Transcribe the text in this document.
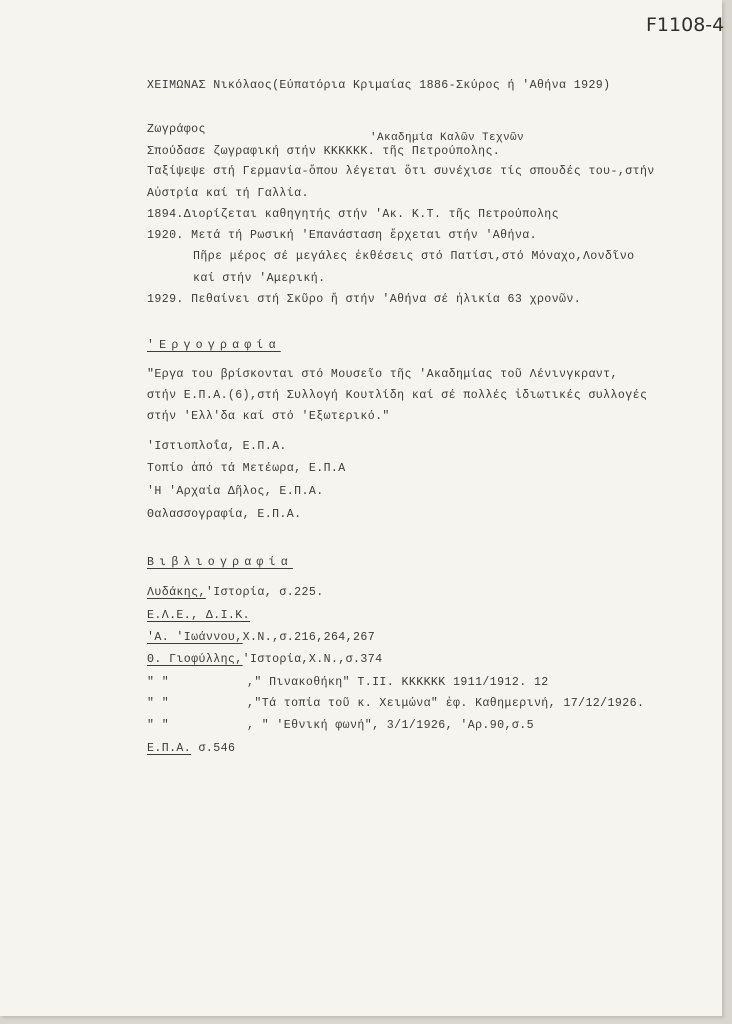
F1108-4
ΧΕΙΜΩΝΑΣ Νικόλαος(Εύπατόρια Κριμαίας 1886-Σκύρος ή 'Αθήνα 1929)
Ζωγράφος
'Ακαδημία Καλῶν Τεχνῶν
Σπούδασε ζωγραφική στήν ΚΚΚΚΚΚ. τῆς Πετρούπολης.
Ταξίψεψε στή Γερμανία-ὅπου λέγεται ὅτι συνέχισε τίς σπουδές του-,στήν
Αὐστρία καί τή Γαλλία.
1894.Διορίζεται καθηγητής στήν 'Ακ. Κ.Τ. τῆς Πετρούπολης
1920. Μετά τή Ρωσική 'Επανάσταση ἔρχεται στήν 'Αθήνα.
Πῆρε μέρος σέ μεγάλες ἐκθέσεις στό Πατίσι,στό Μόναχο,Λονδῖνο
καί στήν 'Αμερική.
1929. Πεθαίνει στή Σκῦρο ἤ στήν 'Αθήνα σέ ἡλικία 63 χρονῶν.
'Εργογραφία
"Εργα του βρίσκονται στό Μουσεῖο τῆς 'Ακαδημίας τοῦ Λένινγκραντ,
στήν Ε.Π.Α.(6),στή Συλλογή Κουτλίδη καί σέ πολλές ἰδιωτικές συλλογές
στήν 'Ελλ'δα καί στό 'Εξωτερικό."
'Ιστιοπλοΐα, Ε.Π.Α.
Τοπίο ἀπό τά Μετέωρα, Ε.Π.Α
'Η 'Αρχαία Δῆλος, Ε.Π.Α.
Θαλασσογραφία, Ε.Π.Α.
Βιβλιογραφία
Λυδάκης,'Ιστορία, σ.225.
Ε.Λ.Ε., Δ.Ι.Κ.
'Α. 'Ιωάννου,Χ.Ν.,σ.216,264,267
Θ. Γιοφύλλης,'Ιστορία,Χ.Ν.,σ.374
" "	," Πινακοθήκη" Τ.ΙΙ. ΚΚΚΚΚΚ 1911/1912. 12
" "	,"Τά τοπία τοῦ κ. Χειμώνα" ἐφ. Καθημερινή, 17/12/1926.
" "	, " 'Εθνική φωνή", 3/1/1926, 'Αρ.90,σ.5
Ε.Π.Α. σ.546
